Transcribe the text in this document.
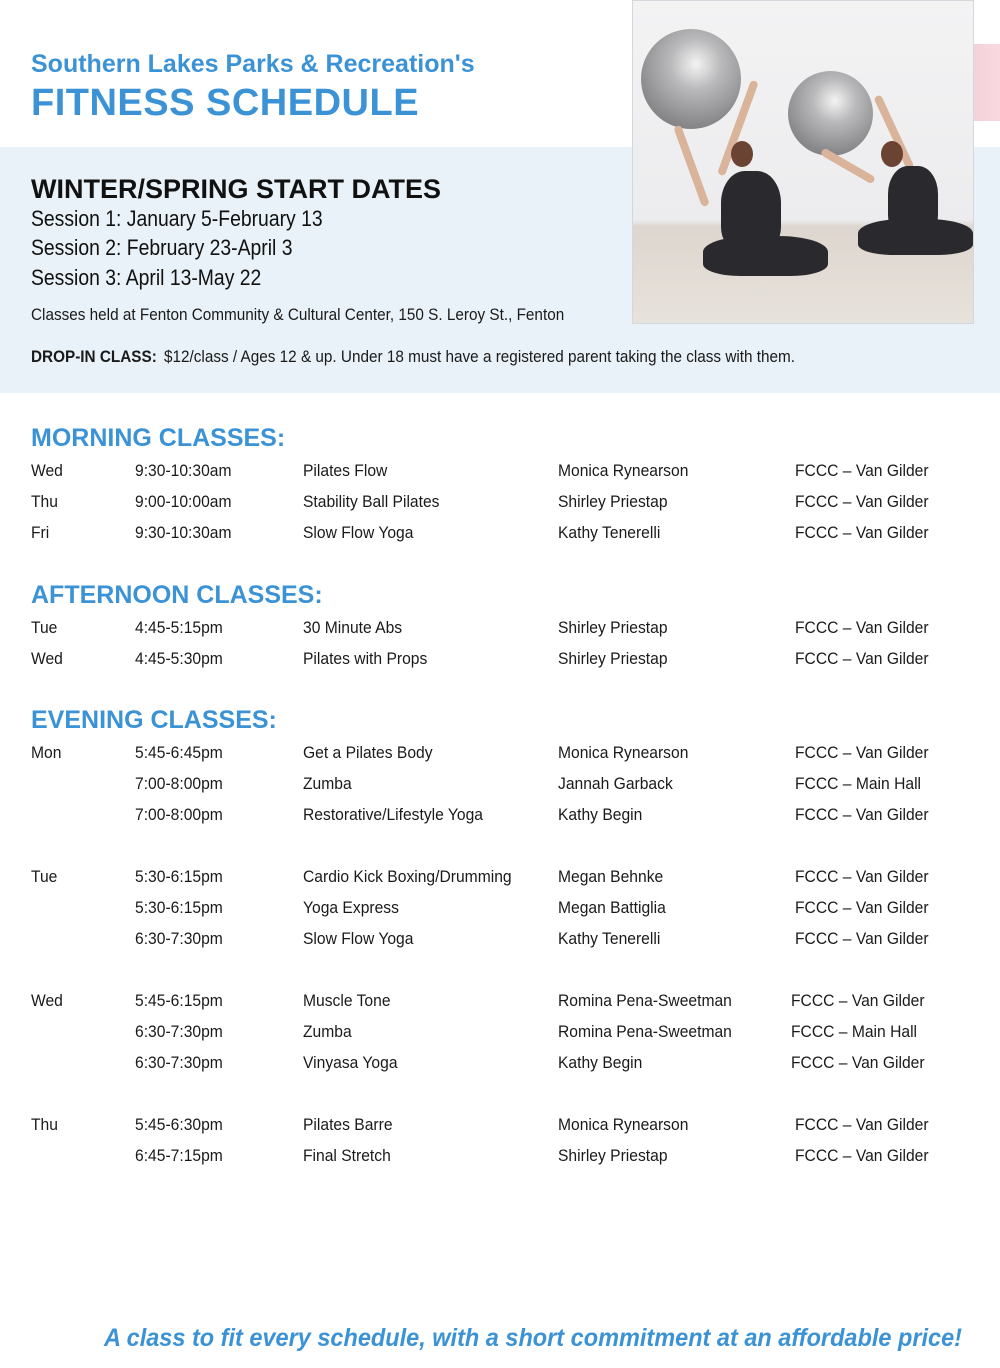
Southern Lakes Parks & Recreation's
FITNESS SCHEDULE
WINTER/SPRING START DATES
Session 1: January 5-February 13
Session 2: February 23-April 3
Session 3: April 13-May 22
Classes held at Fenton Community & Cultural Center, 150 S. Leroy St., Fenton
DROP-IN CLASS: $12/class / Ages 12 & up. Under 18 must have a registered parent taking the class with them.
MORNING CLASSES:
Wed	9:30-10:30am	Pilates Flow	Monica Rynearson	FCCC – Van Gilder
Thu	9:00-10:00am	Stability Ball Pilates	Shirley Priestap	FCCC – Van Gilder
Fri	9:30-10:30am	Slow Flow Yoga	Kathy Tenerelli	FCCC – Van Gilder
AFTERNOON CLASSES:
Tue	4:45-5:15pm	30 Minute Abs	Shirley Priestap	FCCC – Van Gilder
Wed	4:45-5:30pm	Pilates with Props	Shirley Priestap	FCCC – Van Gilder
EVENING CLASSES:
Mon	5:45-6:45pm	Get a Pilates Body	Monica Rynearson	FCCC – Van Gilder
7:00-8:00pm	Zumba	Jannah Garback	FCCC – Main Hall
7:00-8:00pm	Restorative/Lifestyle Yoga	Kathy Begin	FCCC – Van Gilder
Tue	5:30-6:15pm	Cardio Kick Boxing/Drumming	Megan Behnke	FCCC – Van Gilder
5:30-6:15pm	Yoga Express	Megan Battiglia	FCCC – Van Gilder
6:30-7:30pm	Slow Flow Yoga	Kathy Tenerelli	FCCC – Van Gilder
Wed	5:45-6:15pm	Muscle Tone	Romina Pena-Sweetman	FCCC – Van Gilder
6:30-7:30pm	Zumba	Romina Pena-Sweetman	FCCC – Main Hall
6:30-7:30pm	Vinyasa Yoga	Kathy Begin	FCCC – Van Gilder
Thu	5:45-6:30pm	Pilates Barre	Monica Rynearson	FCCC – Van Gilder
6:45-7:15pm	Final Stretch	Shirley Priestap	FCCC – Van Gilder
A class to fit every schedule, with a short commitment at an affordable price!
